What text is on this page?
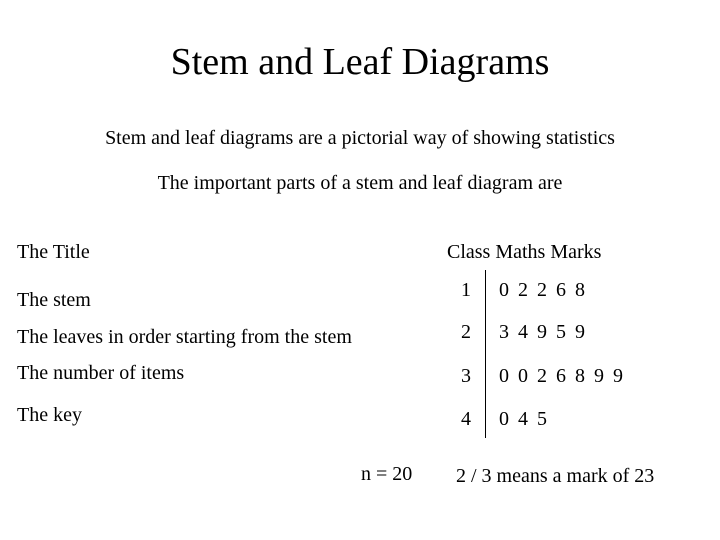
Stem and Leaf Diagrams
Stem and leaf diagrams are a pictorial way of showing statistics
The important parts of a stem and leaf diagram are
The Title
The stem
The leaves in order starting from the stem
The number of items
The key
Class Maths Marks
1	0 2 2 6 8
2	3 4 9 5 9
3	0 0 2 6 8 9 9
4	0 4 5
n = 20 2 / 3 means a mark of 23
